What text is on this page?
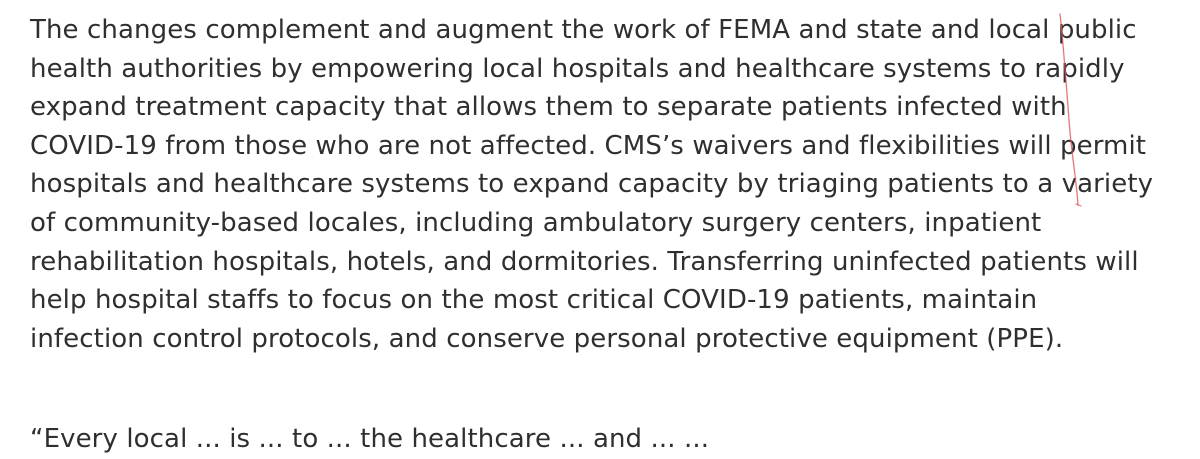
The changes complement and augment the work of FEMA and state and local public
health authorities by empowering local hospitals and healthcare systems to rapidly
expand treatment capacity that allows them to separate patients infected with
COVID-19 from those who are not affected. CMS’s waivers and flexibilities will permit
hospitals and healthcare systems to expand capacity by triaging patients to a variety
of community-based locales, including ambulatory surgery centers, inpatient
rehabilitation hospitals, hotels, and dormitories. Transferring uninfected patients will
help hospital staffs to focus on the most critical COVID-19 patients, maintain
infection control protocols, and conserve personal protective equipment (PPE).
“Every local ... is ... to ... the healthcare ... and ... ...
